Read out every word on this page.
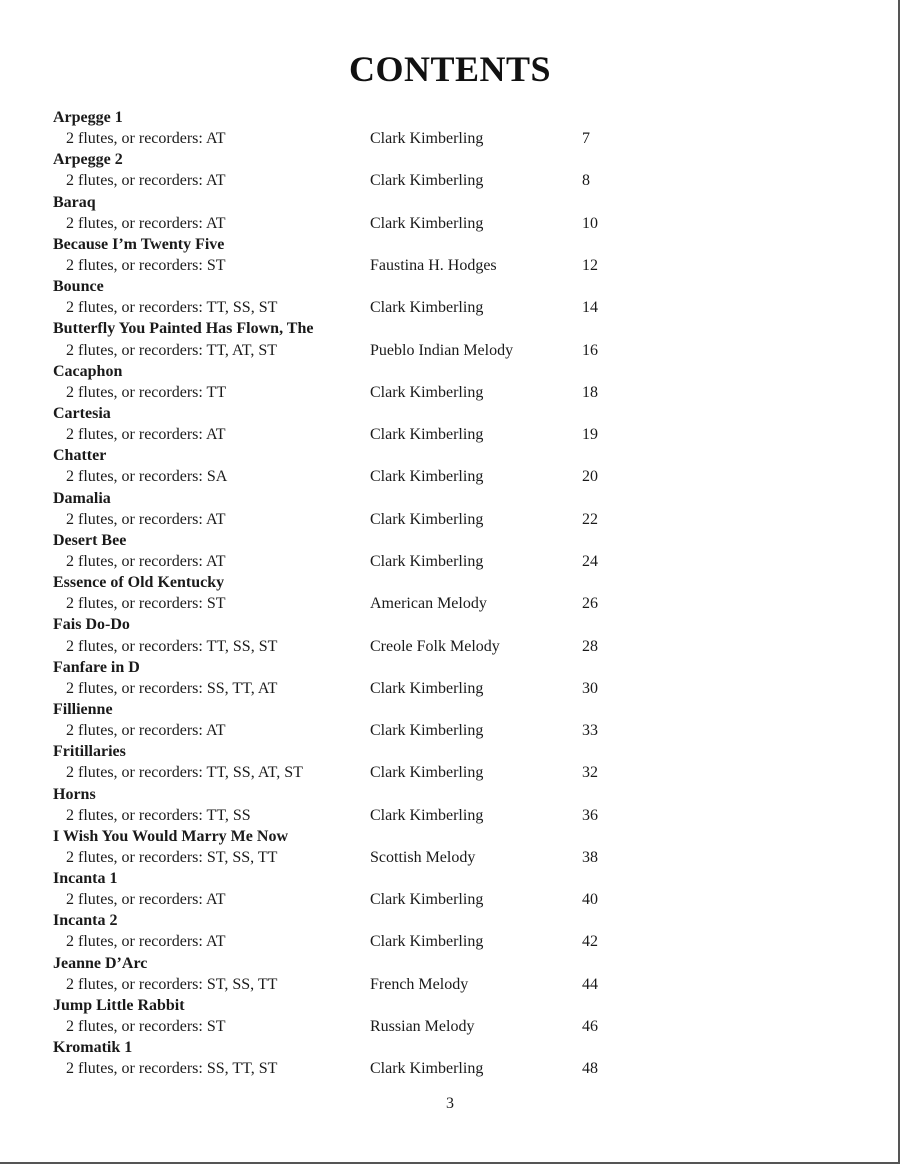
CONTENTS
Arpegge 1
2 flutes, or recorders: AT	Clark Kimberling	7
Arpegge 2
2 flutes, or recorders: AT	Clark Kimberling	8
Baraq
2 flutes, or recorders: AT	Clark Kimberling	10
Because I’m Twenty Five
2 flutes, or recorders: ST	Faustina H. Hodges	12
Bounce
2 flutes, or recorders: TT, SS, ST	Clark Kimberling	14
Butterfly You Painted Has Flown, The
2 flutes, or recorders: TT, AT, ST	Pueblo Indian Melody	16
Cacaphon
2 flutes, or recorders: TT	Clark Kimberling	18
Cartesia
2 flutes, or recorders: AT	Clark Kimberling	19
Chatter
2 flutes, or recorders: SA	Clark Kimberling	20
Damalia
2 flutes, or recorders: AT	Clark Kimberling	22
Desert Bee
2 flutes, or recorders: AT	Clark Kimberling	24
Essence of Old Kentucky
2 flutes, or recorders: ST	American Melody	26
Fais Do-Do
2 flutes, or recorders: TT, SS, ST	Creole Folk Melody	28
Fanfare in D
2 flutes, or recorders: SS, TT, AT	Clark Kimberling	30
Fillienne
2 flutes, or recorders: AT	Clark Kimberling	33
Fritillaries
2 flutes, or recorders: TT, SS, AT, ST	Clark Kimberling	32
Horns
2 flutes, or recorders: TT, SS	Clark Kimberling	36
I Wish You Would Marry Me Now
2 flutes, or recorders: ST, SS, TT	Scottish Melody	38
Incanta 1
2 flutes, or recorders: AT	Clark Kimberling	40
Incanta 2
2 flutes, or recorders: AT	Clark Kimberling	42
Jeanne D’Arc
2 flutes, or recorders: ST, SS, TT	French Melody	44
Jump Little Rabbit
2 flutes, or recorders: ST	Russian Melody	46
Kromatik 1
2 flutes, or recorders: SS, TT, ST	Clark Kimberling	48
3
